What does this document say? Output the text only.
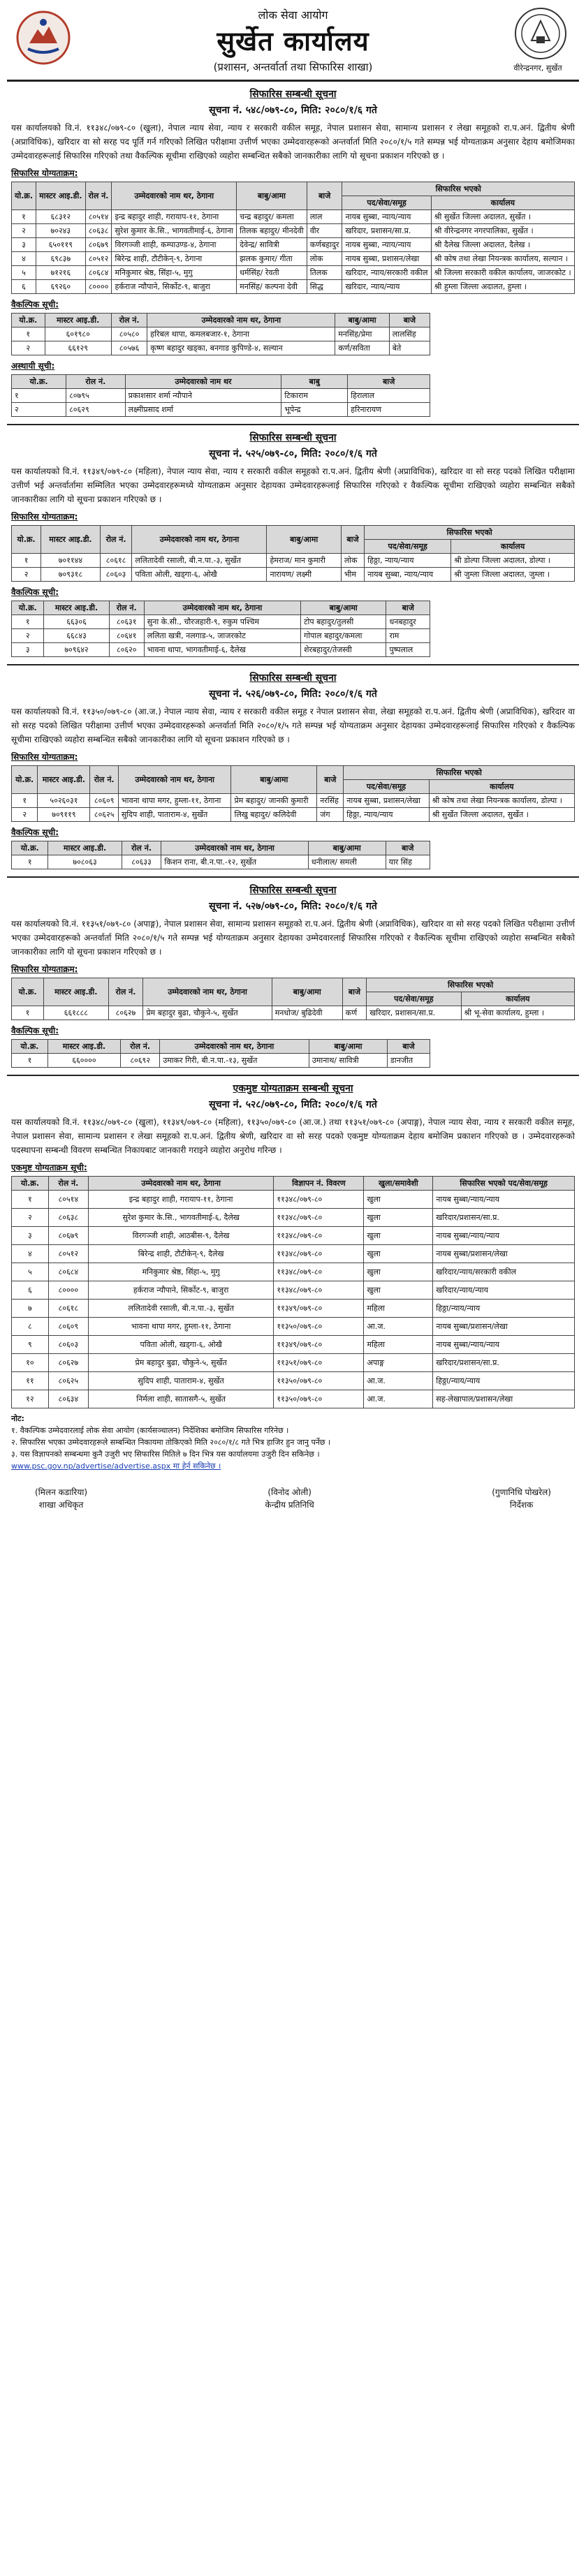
लोक सेवा आयोग
सुर्खेत कार्यालय
(प्रशासन, अन्तर्वार्ता तथा सिफारिस शाखा)	वीरेन्द्रनगर, सुर्खेत
सिफारिस सम्बन्धी सूचना
सूचना नं. ५४८/०७९-८०, मिति: २०८०/१/६ गते
यस कार्यालयको वि.नं. ११३४८/०७९-८० (खुला), नेपाल न्याय सेवा, न्याय र सरकारी वकील समूह, नेपाल प्रशासन सेवा, सामान्य प्रशासन र लेखा समूहको रा.प.अनं. द्वितीय श्रेणी (अप्राविधिक), खरिदार वा सो सरह पद पूर्ति गर्न गरिएको लिखित परीक्षामा उत्तीर्ण भएका उम्मेदवारहरूको अन्तर्वार्ता मिति २०८०/१/५ गते सम्पन्न भई योग्यताक्रम अनुसार देहाय बमोजिमका उम्मेदवारहरूलाई सिफारिस गरिएको तथा वैकल्पिक सूचीमा राखिएको व्यहोरा सम्बन्धित सबैको जानकारीका लागि यो सूचना प्रकाशन गरिएको छ ।
सिफारिस योग्यताक्रम:
यो.क्र.	मास्टर आइ.डी.	रोल नं.	उम्मेदवारको नाम थर, ठेगाना	बाबु/आमा	बाजे	सिफारिस भएको	
						पद/सेवा/समूह	कार्यालय
१	६८३१२	८०५१४	इन्द्र बहादुर शाही, गरायाप-११, ठेगाना	चन्द्र बहादुर/ कमला	लाल	नायब सुब्बा, न्याय/न्याय	श्री सुर्खेत जिल्ला अदालत, सुर्खेत ।
२	७०२४३	८०६३८	सुरेश कुमार के.सि., भागवतीमाई-६, ठेगाना	तिलक बहादुर/ मीनदेवी	वीर	खरिदार, प्रशासन/सा.प्र.	श्री वीरेन्द्रनगर नगरपालिका, सुर्खेत ।
३	६५०११९	८०६७९	विरगञ्जी शाही, कम्पाउण्ड-४, ठेगाना	देवेन्द्र/ सावित्री	कर्णबहादुर	नायब सुब्बा, न्याय/न्याय	श्री दैलेख जिल्ला अदालत, दैलेख ।
४	६९८३७	८०५१२	बिरेन्द्र शाही, टौटीकेन्-९, ठेगाना	झलक कुमार/ गीता	लोक	नायब सुब्बा, प्रशासन/लेखा	श्री कोष तथा लेखा नियन्त्रक कार्यालय, सल्यान ।
५	७१२१६	८०६८४	मनिकुमार श्रेष्ठ, सिंहा-५, मुगु	धर्मसिंह/ रेवती	तिलक	खरिदार, न्याय/सरकारी वकील	श्री जिल्ला सरकारी वकील कार्यालय, जाजरकोट ।
६	६९२६०	८००००	हर्कराज न्यौपाने, सिर्कोट-९, बाजुरा	मनसिंह/ कल्पना देवी	सिद्ध	खरिदार, न्याय/न्याय	श्री हुम्ला जिल्ला अदालत, हुम्ला ।
वैकल्पिक सूची:
यो.क्र.	मास्टर आइ.डी.	रोल नं.	उम्मेदवारको नाम थर, ठेगाना	बाबु/आमा	बाजे
१	६०१९८०	८०५८०	हरिबल थापा, कमलबजार-१, ठेगाना	मनसिंह/प्रेमा	लालसिंह
२	६६१२९	८०५७६	कृष्ण बहादुर खड्का, बनगाड कुपिण्डे-४, सल्यान	कर्ण/सविता	बेते
अस्थायी सूची:
यो.क्र.	रोल नं.	उम्मेदवारको नाम थर	बाबु	बाजे
१	८०७९५	प्रकाशसार शर्मा न्यौपाने	टिकाराम	हिरालाल
२	८०६२९	लक्ष्मीप्रसाद शर्मा	भूपेन्द्र	हरिनारायण
सिफारिस सम्बन्धी सूचना
सूचना नं. ५२५/०७९-८०, मिति: २०८०/१/६ गते
यस कार्यालयको वि.नं. ११३४९/०७९-८० (महिला), नेपाल न्याय सेवा, न्याय र सरकारी वकील समूहको रा.प.अनं. द्वितीय श्रेणी (अप्राविधिक), खरिदार वा सो सरह पदको लिखित परीक्षामा उत्तीर्ण भई अन्तर्वार्तामा सम्मिलित भएका उम्मेदवारहरूमध्ये योग्यताक्रम अनुसार देहायका उम्मेदवारहरूलाई सिफारिस गरिएको र वैकल्पिक सूचीमा राखिएको व्यहोरा सम्बन्धित सबैको जानकारीका लागि यो सूचना प्रकाशन गरिएको छ ।
सिफारिस योग्यताक्रम:
यो.क्र.	मास्टर आइ.डी.	रोल नं.	उम्मेदवारको नाम थर, ठेगाना	बाबु/आमा	बाजे	सिफारिस भएको	
						पद/सेवा/समूह	कार्यालय
१	७०११४४	८०६१८	ललितादेवी रसाली, बी.न.पा.-३, सुर्खेत	हेमराज/ मान कुमारी	लोक	हिठ्ठा, न्याय/न्याय	श्री डोल्पा जिल्ला अदालत, डोल्पा ।
२	७०९३१८	८०६०३	पविता ओली, खड्गा-६, ओखै	नारायण/ लक्ष्मी	भीम	नायब सुब्बा, न्याय/न्याय	श्री जुम्ला जिल्ला अदालत, जुम्ला ।
वैकल्पिक सूची:
यो.क्र.	मास्टर आइ.डी.	रोल नं.	उम्मेदवारको नाम थर, ठेगाना	बाबु/आमा	बाजे
१	६६३०६	८०६३१	सुना के.सी., चौरजहारी-९, रुकुम पश्चिम	टोप बहादुर/तुलसी	धनबहादुर
२	६६८४३	८०६४१	ललिता खत्री, नलगाड-५, जाजरकोट	गोपाल बहादुर/कमला	राम
३	७०९६४२	८०६२०	भावना थापा, भागवतीमाई-६, दैलेख	शेरबहादुर/तेजस्वी	पुष्पलाल
सिफारिस सम्बन्धी सूचना
सूचना नं. ५२६/०७९-८०, मिति: २०८०/१/६ गते
यस कार्यालयको वि.नं. ११३५०/०७९-८० (आ.ज.) नेपाल न्याय सेवा, न्याय र सरकारी वकील समूह र नेपाल प्रशासन सेवा, लेखा समूहको रा.प.अनं. द्वितीय श्रेणी (अप्राविधिक), खरिदार वा सो सरह पदको लिखित परीक्षामा उत्तीर्ण भएका उम्मेदवारहरूको अन्तर्वार्ता मिति २०८०/१/५ गते सम्पन्न भई योग्यताक्रम अनुसार देहायका उम्मेदवारहरूलाई सिफारिस गरिएको र वैकल्पिक सूचीमा राखिएको व्यहोरा सम्बन्धित सबैको जानकारीका लागि यो सूचना प्रकाशन गरिएको छ ।
सिफारिस योग्यताक्रम:
यो.क्र.	मास्टर आइ.डी.	रोल नं.	उम्मेदवारको नाम थर, ठेगाना	बाबु/आमा	बाजे	सिफारिस भएको	
						पद/सेवा/समूह	कार्यालय
१	५०२६०३१	८०६०९	भावना थापा मगर, हुम्ला-११, ठेगाना	प्रेम बहादुर/ जानकी कुमारी	नरसिंह	नायब सुब्बा, प्रशासन/लेखा	श्री कोष तथा लेखा नियन्त्रक कार्यालय, डोल्पा ।
२	७०९११९	८०६२५	सुदिप शाही, पाताराम-४, सुर्खेत	लिखु बहादुर/ कलिदेवी	जंग	हिठ्ठा, न्याय/न्याय	श्री सुर्खेत जिल्ला अदालत, सुर्खेत ।
वैकल्पिक सूची:
यो.क्र.	मास्टर आइ.डी.	रोल नं.	उम्मेदवारको नाम थर, ठेगाना	बाबु/आमा	बाजे
१	७०८०६३	८०६३३	किशन राना, बी.न.पा.-१२, सुर्खेत	धनीलाल/ समली	यार सिंह
सिफारिस सम्बन्धी सूचना
सूचना नं. ५२७/०७९-८०, मिति: २०८०/१/६ गते
यस कार्यालयको वि.नं. ११३५१/०७९-८० (अपाङ्ग), नेपाल प्रशासन सेवा, सामान्य प्रशासन समूहको रा.प.अनं. द्वितीय श्रेणी (अप्राविधिक), खरिदार वा सो सरह पदको लिखित परीक्षामा उत्तीर्ण भएका उम्मेदवारहरूको अन्तर्वार्ता मिति २०८०/१/५ गते सम्पन्न भई योग्यताक्रम अनुसार देहायका उम्मेदवारलाई सिफारिस गरिएको र वैकल्पिक सूचीमा राखिएको व्यहोरा सम्बन्धित सबैको जानकारीका लागि यो सूचना प्रकाशन गरिएको छ ।
सिफारिस योग्यताक्रम:
यो.क्र.	मास्टर आइ.डी.	रोल नं.	उम्मेदवारको नाम थर, ठेगाना	बाबु/आमा	बाजे	सिफारिस भएको	
						पद/सेवा/समूह	कार्यालय
१	६६१८८८	८०६२७	प्रेम बहादुर बुढा, चौकुने-५, सुर्खेत	मनधोज/ बुढिदेवी	कर्ण	खरिदार, प्रशासन/सा.प्र.	श्री भू-सेवा कार्यालय, हुम्ला ।
वैकल्पिक सूची:
यो.क्र.	मास्टर आइ.डी.	रोल नं.	उम्मेदवारको नाम थर, ठेगाना	बाबु/आमा	बाजे
१	६६००००	८०६९२	उमाकर गिरी, बी.न.पा.-१३, सुर्खेत	उमानाथ/ सावित्री	डानजीत
एकमुष्ट योग्यताक्रम सम्बन्धी सूचना
सूचना नं. ५२८/०७९-८०, मिति: २०८०/१/६ गते
यस कार्यालयको वि.नं. ११३४८/०७९-८० (खुला), ११३४९/०७९-८० (महिला), ११३५०/०७९-८० (आ.ज.) तथा ११३५१/०७९-८० (अपाङ्ग), नेपाल न्याय सेवा, न्याय र सरकारी वकील समूह, नेपाल प्रशासन सेवा, सामान्य प्रशासन र लेखा समूहको रा.प.अनं. द्वितीय श्रेणी, खरिदार वा सो सरह पदको एकमुष्ट योग्यताक्रम देहाय बमोजिम प्रकाशन गरिएको छ । उम्मेदवारहरूको पदस्थापना सम्बन्धी विवरण सम्बन्धित निकायबाट जानकारी गराइने व्यहोरा अनुरोध गरिन्छ ।
एकमुष्ट योग्यताक्रम सूची:
यो.क्र.	रोल नं.	उम्मेदवारको नाम थर, ठेगाना	विज्ञापन नं. विवरण	खुला/समावेशी	सिफारिस भएको पद/सेवा/समूह
१	८०५१४	इन्द्र बहादुर शाही, गरायाप-११, ठेगाना	११३४८/०७९-८०	खुला	नायब सुब्बा/न्याय/न्याय
२	८०६३८	सुरेश कुमार के.सि., भागवतीमाई-६, दैलेख	११३४८/०७९-८०	खुला	खरिदार/प्रशासन/सा.प्र.
३	८०६७९	विरगञ्जी शाही, आठबीस-९, दैलेख	११३४८/०७९-८०	खुला	नायब सुब्बा/न्याय/न्याय
४	८०५१२	बिरेन्द्र शाही, टौटीकेन्-९, दैलेख	११३४८/०७९-८०	खुला	नायब सुब्बा/प्रशासन/लेखा
५	८०६८४	मनिकुमार श्रेष्ठ, सिंहा-५, मुगु	११३४८/०७९-८०	खुला	खरिदार/न्याय/सरकारी वकील
६	८००००	हर्कराज न्यौपाने, सिर्कोट-९, बाजुरा	११३४८/०७९-८०	खुला	खरिदार/न्याय/न्याय
७	८०६१८	ललितादेवी रसाली, बी.न.पा.-३, सुर्खेत	११३४९/०७९-८०	महिला	हिठ्ठा/न्याय/न्याय
८	८०६०९	भावना थापा मगर, हुम्ला-११, ठेगाना	११३५०/०७९-८०	आ.ज.	नायब सुब्बा/प्रशासन/लेखा
९	८०६०३	पविता ओली, खड्गा-६, ओखै	११३४९/०७९-८०	महिला	नायब सुब्बा/न्याय/न्याय
१०	८०६२७	प्रेम बहादुर बुढा, चौकुने-५, सुर्खेत	११३५१/०७९-८०	अपाङ्ग	खरिदार/प्रशासन/सा.प्र.
११	८०६२५	सुदिप शाही, पाताराम-४, सुर्खेत	११३५०/०७९-८०	आ.ज.	हिठ्ठा/न्याय/न्याय
१२	८०६३४	निर्मला शाही, सातासगै-५, सुर्खेत	११३५०/०७९-८०	आ.ज.	सह-लेखापाल/प्रशासन/लेखा
नोट:
१. वैकल्पिक उम्मेदवारलाई लोक सेवा आयोग (कार्यसञ्चालन) निर्देशिका बमोजिम सिफारिस गरिनेछ ।
२. सिफारिस भएका उम्मेदवारहरूले सम्बन्धित निकायमा तोकिएको मिति २०८०/१/८ गते भित्र हाजिर हुन जानु पर्नेछ ।
३. यस विज्ञापनको सम्बन्धमा कुनै उजुरी भए सिफारिस मितिले ७ दिन भित्र यस कार्यालयमा उजुरी दिन सकिनेछ ।
www.psc.gov.np/advertise/advertise.aspx मा हेर्न सकिनेछ ।
(मिलन कडारिया)
शाखा अधिकृत
(विनोद ओली)
केन्द्रीय प्रतिनिधि
(गुणानिधि पोखरेल)
निर्देशक
